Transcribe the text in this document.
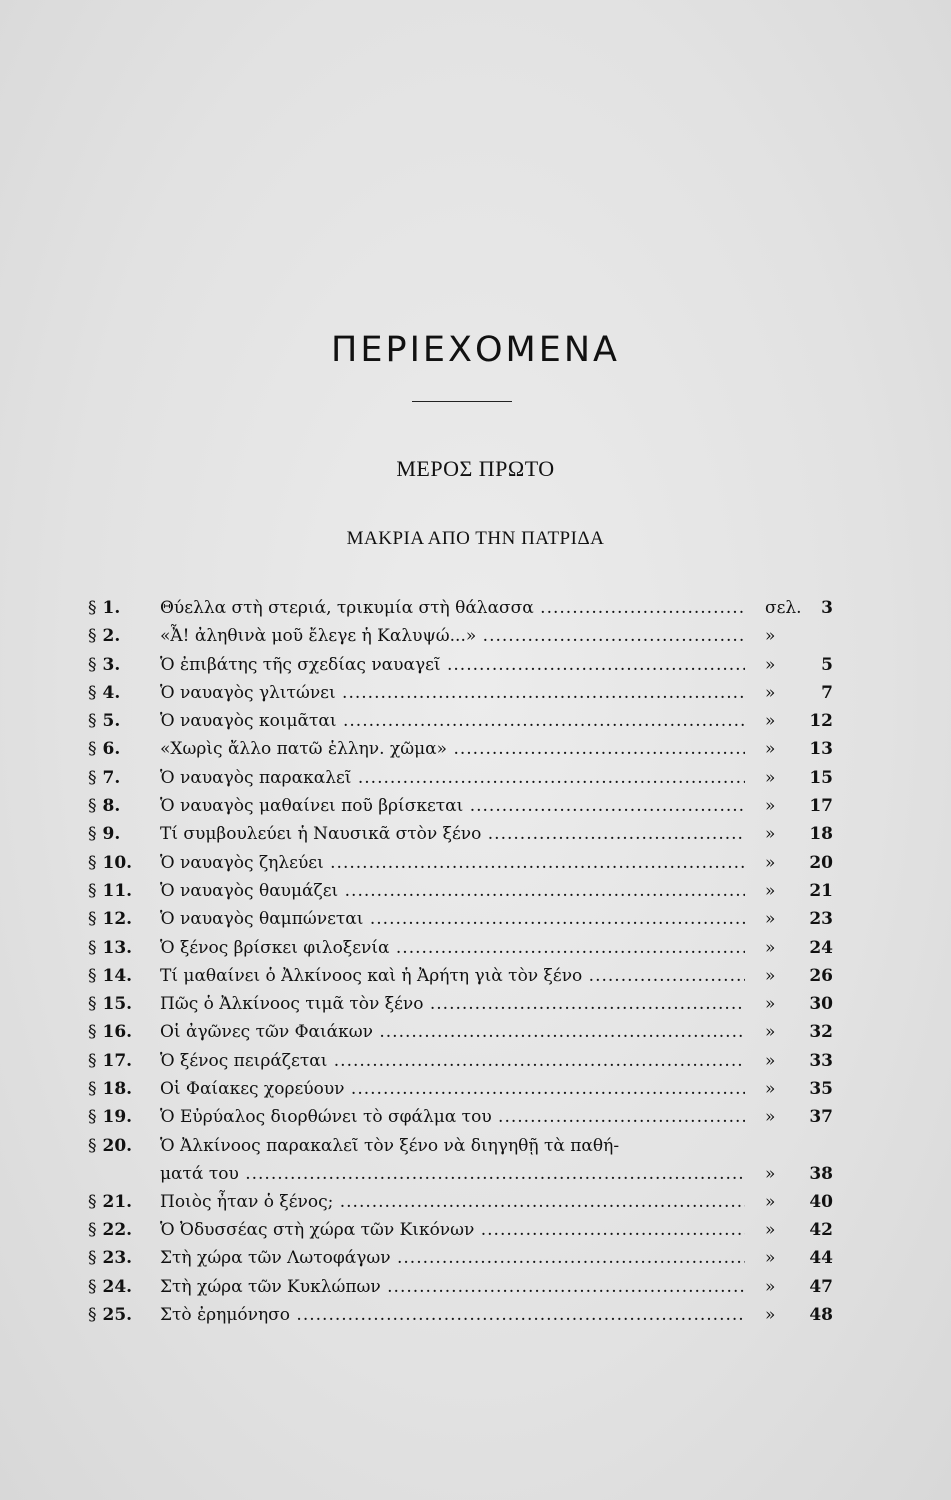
ΠΕΡΙΕΧΟΜΕΝΑ
ΜΕΡΟΣ ΠΡΩΤΟ
ΜΑΚΡΙΑ ΑΠΟ ΤΗΝ ΠΑΤΡΙΔΑ
§ 1. Θύελλα στὴ στεριά, τρικυμία στὴ θάλασσα .....	σελ.	3
§ 2. «Ἆ! ἀληθινὰ μοῦ ἔλεγε ἡ Καλυψώ...» .....	»
§ 3. Ὁ ἐπιβάτης τῆς σχεδίας ναυαγεῖ .....	»	5
§ 4. Ὁ ναυαγὸς γλιτώνει .....	»	7
§ 5. Ὁ ναυαγὸς κοιμᾶται .....	»	12
§ 6. «Χωρὶς ἄλλο πατῶ ἑλλην. χῶμα» .....	»	13
§ 7. Ὁ ναυαγὸς παρακαλεῖ .....	»	15
§ 8. Ὁ ναυαγὸς μαθαίνει ποῦ βρίσκεται .....	»	17
§ 9. Τί συμβουλεύει ἡ Ναυσικᾶ στὸν ξένο .....	»	18
§ 10. Ὁ ναυαγὸς ζηλεύει .....	»	20
§ 11. Ὁ ναυαγὸς θαυμάζει .....	»	21
§ 12. Ὁ ναυαγὸς θαμπώνεται .....	»	23
§ 13. Ὁ ξένος βρίσκει φιλοξενία .....	»	24
§ 14. Τί μαθαίνει ὁ Ἀλκίνοος καὶ ἡ Ἀρήτη γιὰ τὸν ξένο .....	»	26
§ 15. Πῶς ὁ Ἀλκίνοος τιμᾶ τὸν ξένο .....	»	30
§ 16. Οἱ ἀγῶνες τῶν Φαιάκων .....	»	32
§ 17. Ὁ ξένος πειράζεται .....	»	33
§ 18. Οἱ Φαίακες χορεύουν .....	»	35
§ 19. Ὁ Εὐρύαλος διορθώνει τὸ σφάλμα του .....	»	37
§ 20. Ὁ Ἀλκίνοος παρακαλεῖ τὸν ξένο νὰ διηγηθῇ τὰ παθή-
ματά του .....	»	38
§ 21. Ποιὸς ἦταν ὁ ξένος; .....	»	40
§ 22. Ὁ Ὀδυσσέας στὴ χώρα τῶν Κικόνων .....	»	42
§ 23. Στὴ χώρα τῶν Λωτοφάγων .....	»	44
§ 24. Στὴ χώρα τῶν Κυκλώπων .....	»	47
§ 25. Στὸ ἐρημόνησο .....	»	48
